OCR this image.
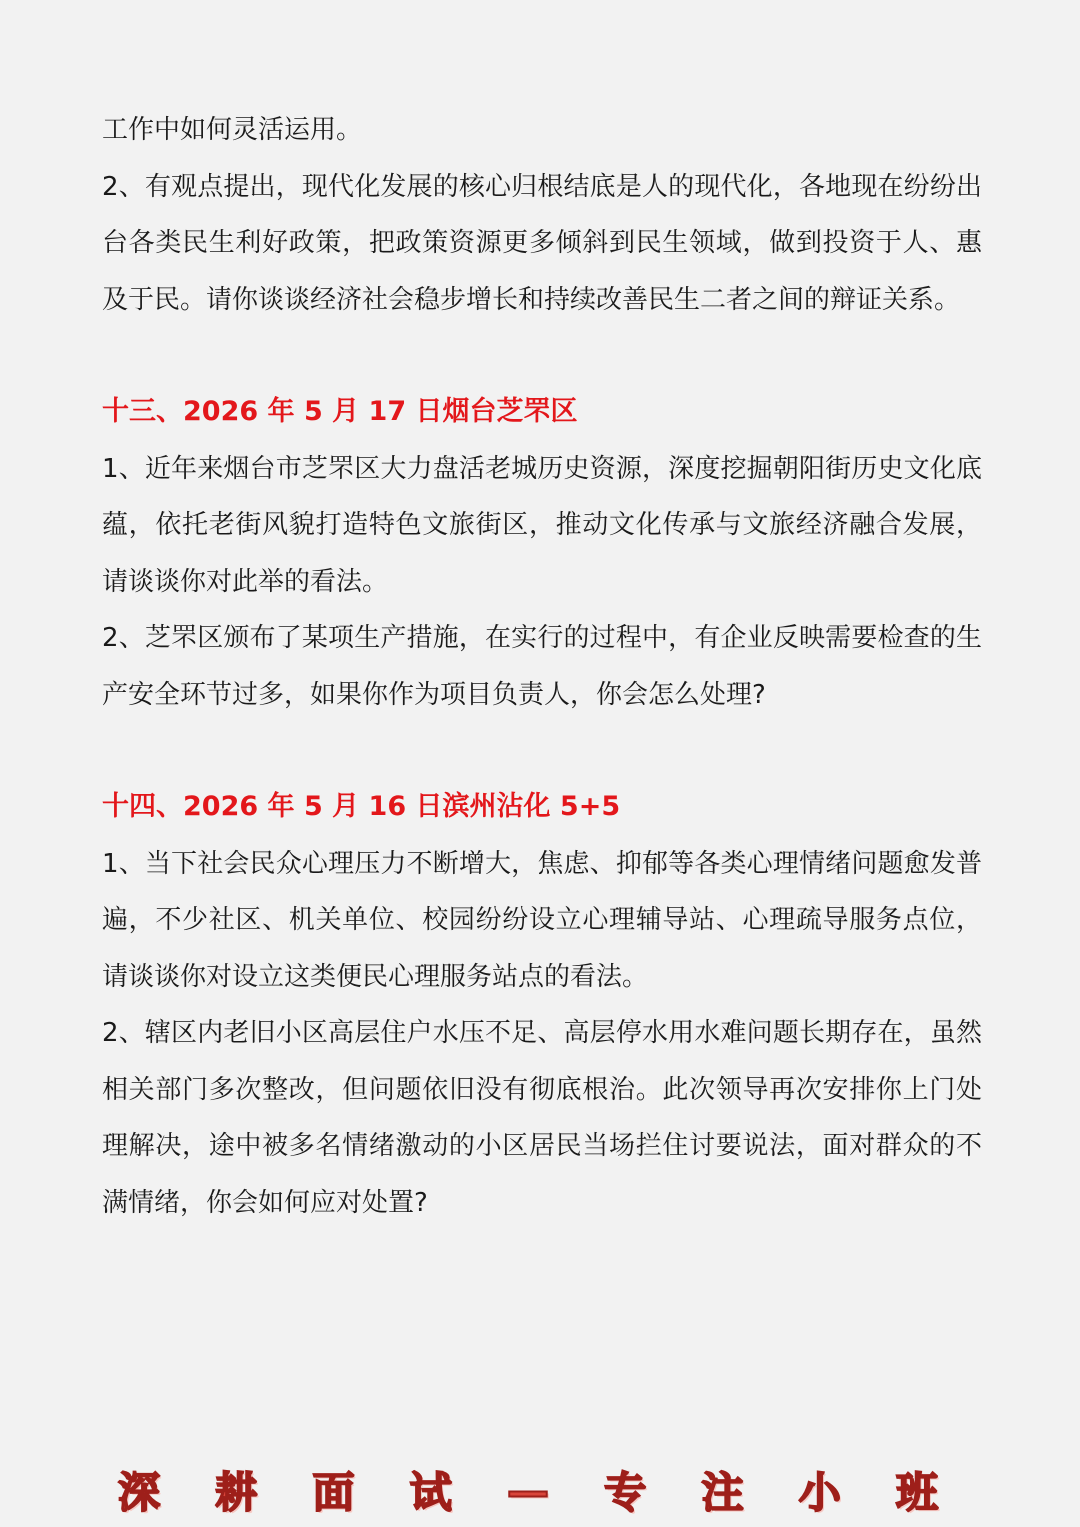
工作中如何灵活运用。

2、有观点提出，现代化发展的核心归根结底是人的现代化，各地现在纷纷出台各类民生利好政策，把政策资源更多倾斜到民生领域，做到投资于人、惠及于民。请你谈谈经济社会稳步增长和持续改善民生二者之间的辩证关系。

十三、2026 年 5 月 17 日烟台芝罘区

1、近年来烟台市芝罘区大力盘活老城历史资源，深度挖掘朝阳街历史文化底蕴，依托老街风貌打造特色文旅街区，推动文化传承与文旅经济融合发展，请谈谈你对此举的看法。

2、芝罘区颁布了某项生产措施，在实行的过程中，有企业反映需要检查的生产安全环节过多，如果你作为项目负责人，你会怎么处理?

十四、2026 年 5 月 16 日滨州沾化 5+5

1、当下社会民众心理压力不断增大，焦虑、抑郁等各类心理情绪问题愈发普遍，不少社区、机关单位、校园纷纷设立心理辅导站、心理疏导服务点位，请谈谈你对设立这类便民心理服务站点的看法。

2、辖区内老旧小区高层住户水压不足、高层停水用水难问题长期存在，虽然相关部门多次整改，但问题依旧没有彻底根治。此次领导再次安排你上门处理解决，途中被多名情绪激动的小区居民当场拦住讨要说法，面对群众的不满情绪，你会如何应对处置?

深 耕 面 试 — 专 注 小 班
